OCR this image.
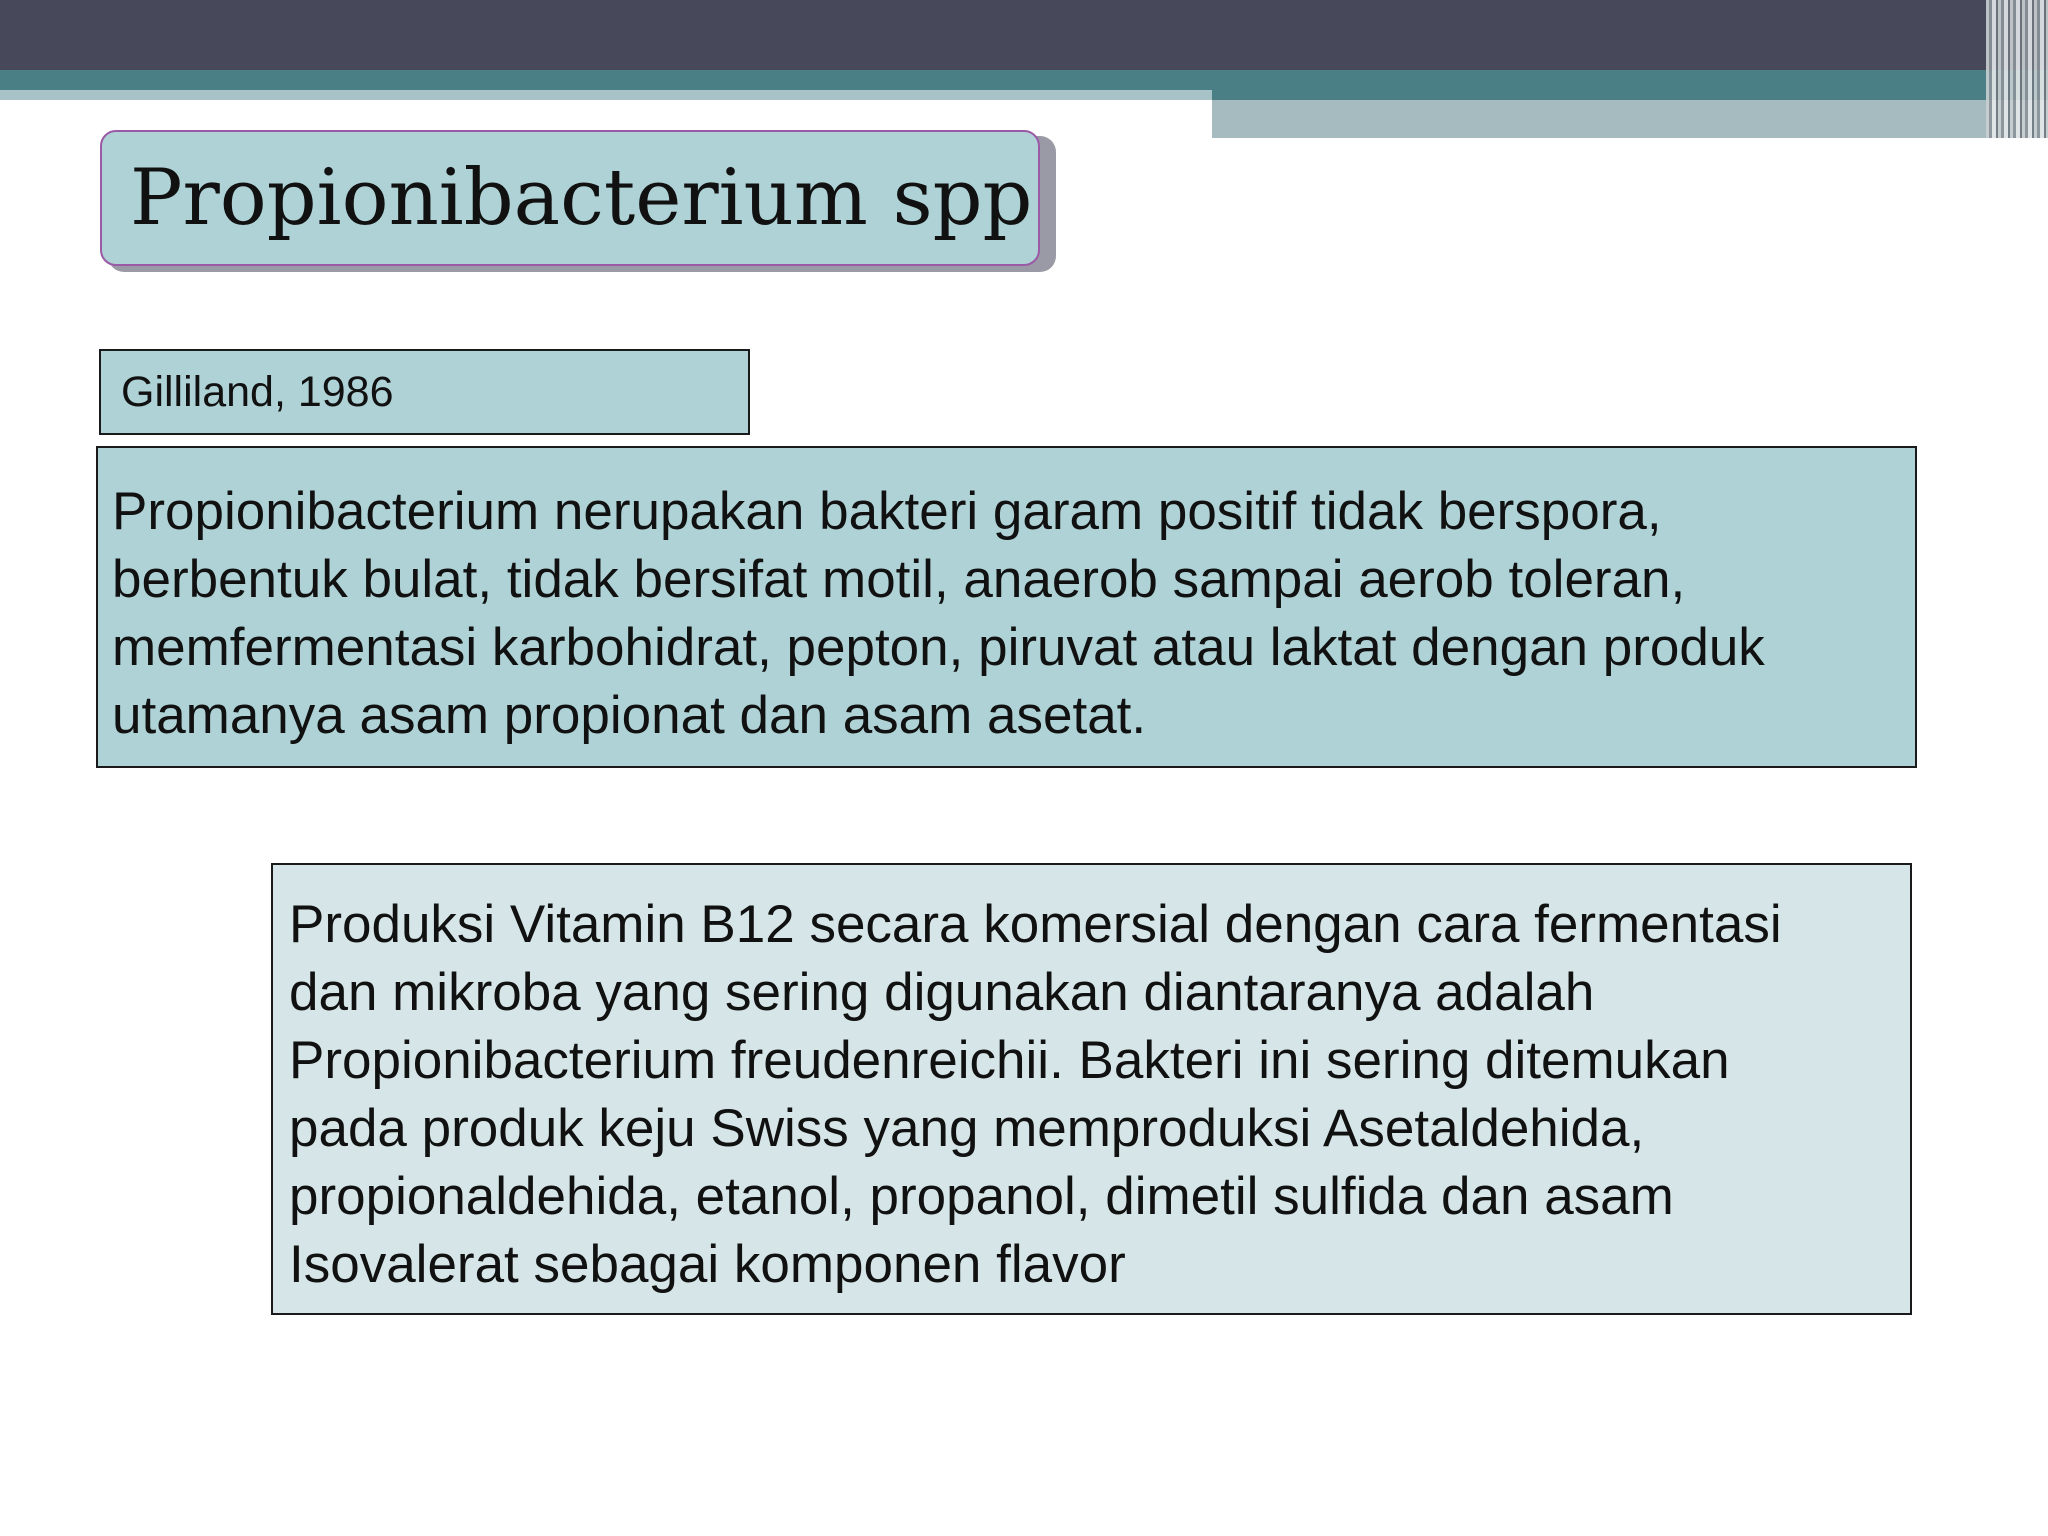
Propionibacterium spp
Gilliland, 1986
Propionibacterium nerupakan bakteri garam positif tidak berspora,
berbentuk bulat, tidak bersifat motil, anaerob sampai aerob toleran,
memfermentasi karbohidrat, pepton, piruvat atau laktat dengan produk
utamanya asam propionat dan asam asetat.
Produksi Vitamin B12 secara komersial dengan cara fermentasi
dan mikroba yang sering digunakan diantaranya adalah
Propionibacterium freudenreichii. Bakteri ini sering ditemukan
pada produk keju Swiss yang memproduksi Asetaldehida,
propionaldehida, etanol, propanol, dimetil sulfida dan asam
Isovalerat sebagai komponen flavor
